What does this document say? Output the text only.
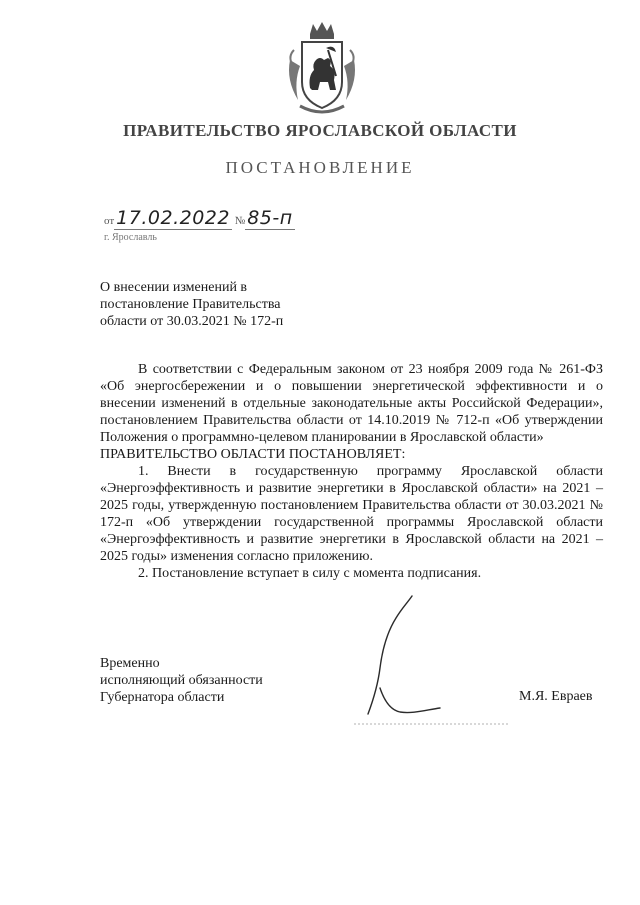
ПРАВИТЕЛЬСТВО ЯРОСЛАВСКОЙ ОБЛАСТИ
ПОСТАНОВЛЕНИЕ
от 17.02.2022 № 85-п
г. Ярославль
О внесении изменений в
постановление Правительства
области от 30.03.2021 № 172-п

В соответствии с Федеральным законом от 23 ноября 2009 года № 261-ФЗ «Об энергосбережении и о повышении энергетической эффективности и о внесении изменений в отдельные законодательные акты Российской Федерации», постановлением Правительства области от 14.10.2019 № 712-п «Об утверждении Положения о программно-целевом планировании в Ярославской области»

ПРАВИТЕЛЬСТВО ОБЛАСТИ ПОСТАНОВЛЯЕТ:

1. Внести в государственную программу Ярославской области «Энергоэффективность и развитие энергетики в Ярославской области» на 2021 – 2025 годы, утвержденную постановлением Правительства области от 30.03.2021 № 172-п «Об утверждении государственной программы Ярославской области «Энергоэффективность и развитие энергетики в Ярославской области на 2021 – 2025 годы» изменения согласно приложению.

2. Постановление вступает в силу с момента подписания.

Временно
исполняющий обязанности
Губернатора области	М.Я. Евраев
